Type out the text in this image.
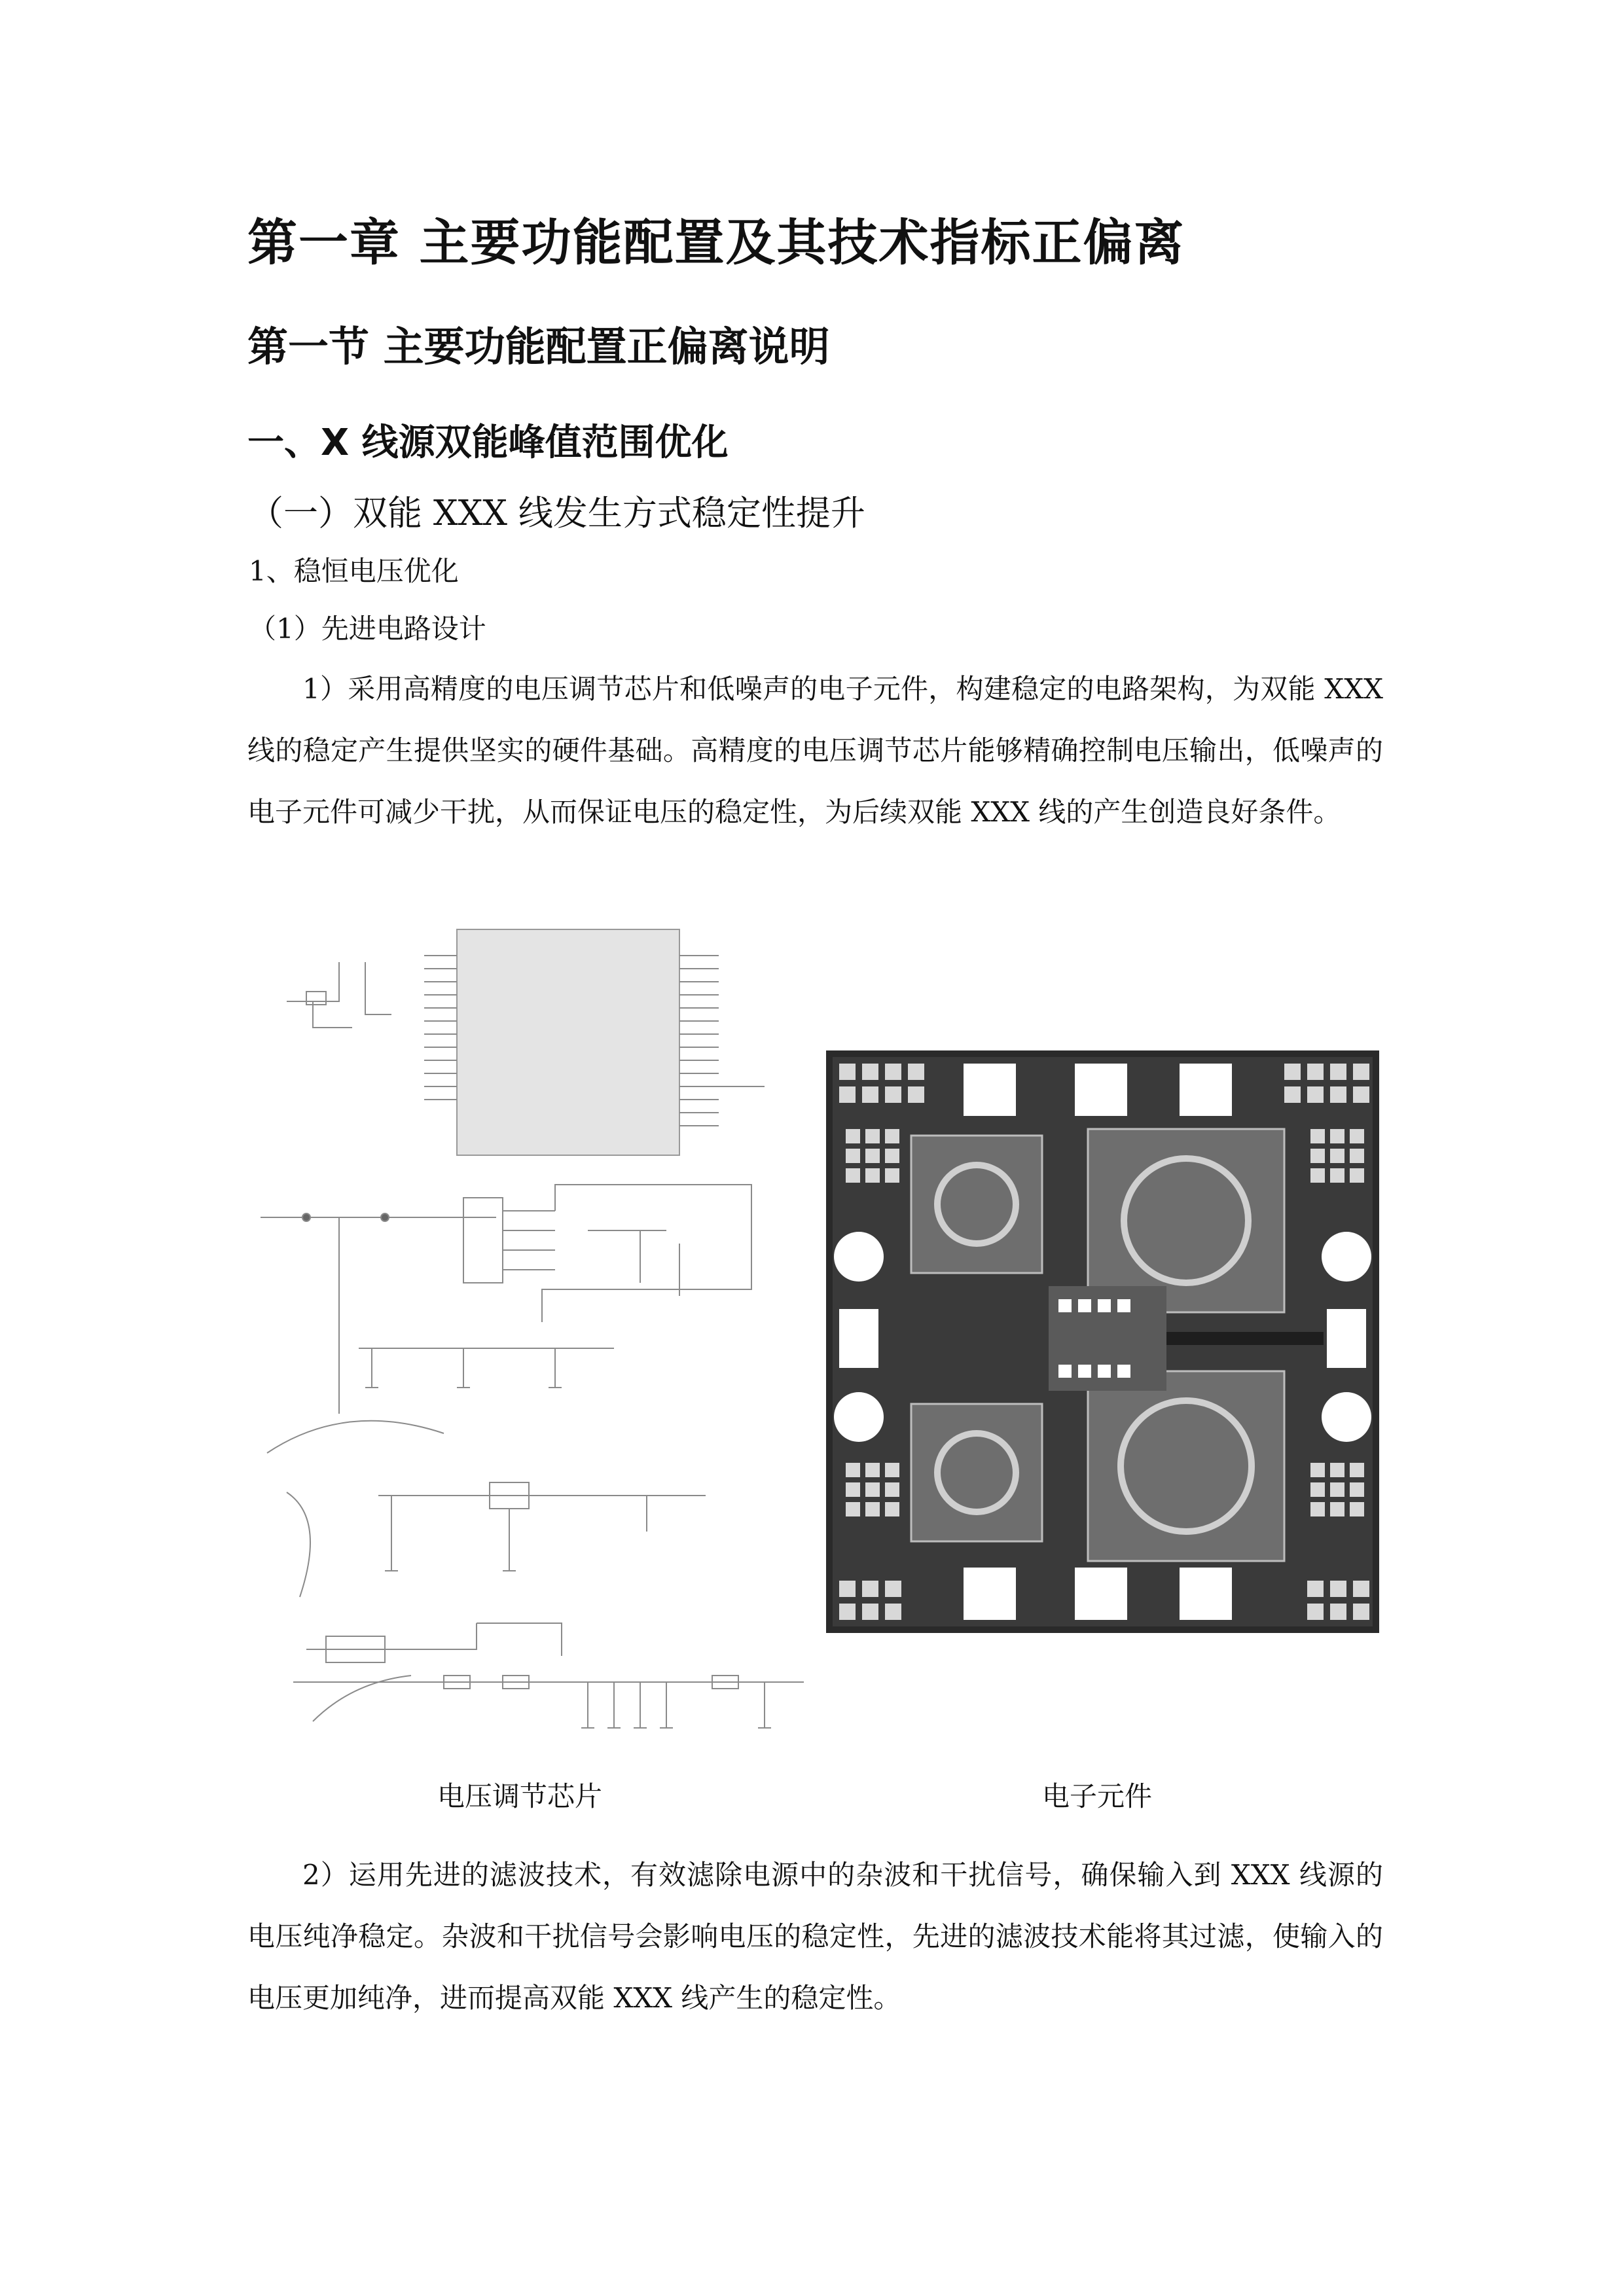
第一章 主要功能配置及其技术指标正偏离
第一节 主要功能配置正偏离说明
一、X 线源双能峰值范围优化
（一）双能 XXX 线发生方式稳定性提升
1、稳恒电压优化
（1）先进电路设计

1）采用高精度的电压调节芯片和低噪声的电子元件，构建稳定的电路架构，为双能 XXX 线的稳定产生提供坚实的硬件基础。高精度的电压调节芯片能够精确控制电压输出，低噪声的电子元件可减少干扰，从而保证电压的稳定性，为后续双能 XXX 线的产生创造良好条件。

电压调节芯片	电子元件

2）运用先进的滤波技术，有效滤除电源中的杂波和干扰信号，确保输入到 XXX 线源的电压纯净稳定。杂波和干扰信号会影响电压的稳定性，先进的滤波技术能将其过滤，使输入的电压更加纯净，进而提高双能 XXX 线产生的稳定性。
